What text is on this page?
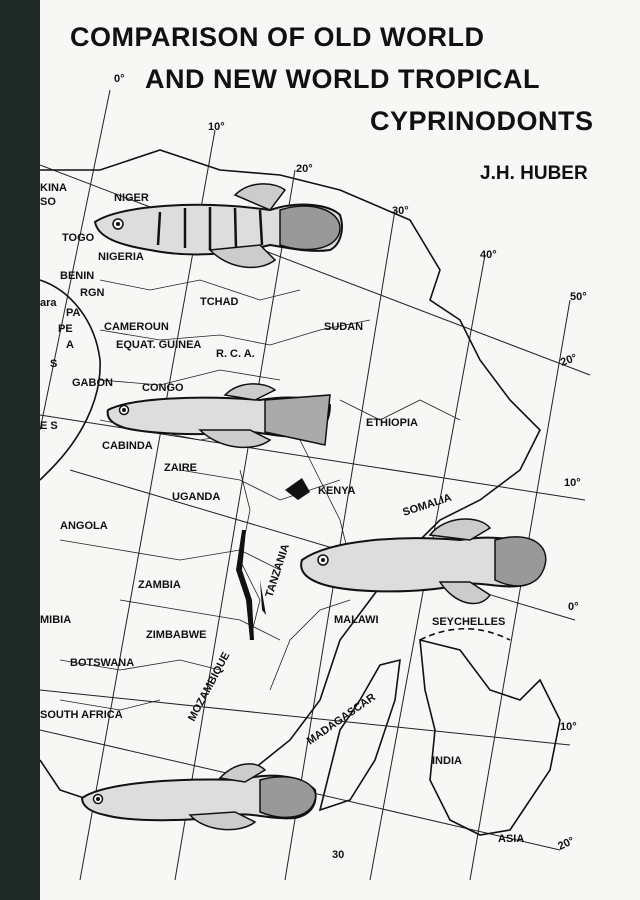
KINA
SO	NIGER
TOGO
NIGERIA
BENIN
RGN
TCHAD
SUDAN
ara
PA
PE
A
S
CAMEROUN
EQUAT. GUINEA
R. C. A.
GABON	CONGO
ETHIOPIA
E S
CABINDA
ZAIRE
UGANDA	KENYA
SOMALIA
ANGOLA
TANZANIA
ZAMBIA
MALAWI	SEYCHELLES
MIBIA
ZIMBABWE
BOTSWANA	MOZAMBIQUE	MADAGASCAR
SOUTH AFRICA
INDIA
ASIA
0°
10°
20°
30°
40°
50°
20°
10°
0°
10°
30
20°
COMPARISON OF OLD WORLD
AND NEW WORLD TROPICAL
CYPRINODONTS
J.H. HUBER
